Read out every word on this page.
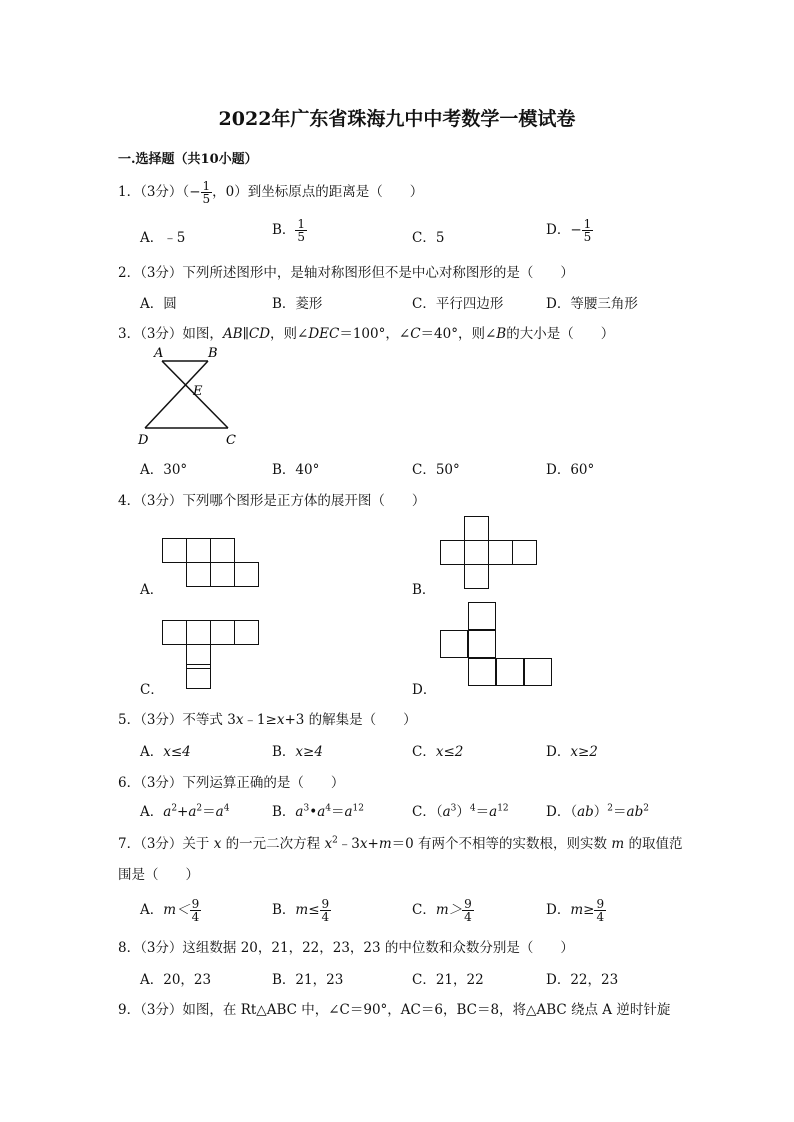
2022年广东省珠海九中中考数学一模试卷
一.选择题（共10小题）
1．（3分）（− $\frac{1}{5}$ ，0）到坐标原点的距离是（　　）
A．﹣5	B． $\frac{1}{5}$	C．5	D．− $\frac{1}{5}$
2．（3分）下列所述图形中，是轴对称图形但不是中心对称图形的是（　　）
A．圆	B．菱形	C．平行四边形	D．等腰三角形
3．（3分）如图，AB∥CD，则∠DEC＝100°，∠C＝40°，则∠B的大小是（　　）
A	B
E
D	C
A．30°	B．40°	C．50°	D．60°
4．（3分）下列哪个图形是正方体的展开图（　　）
A．	B．
C．	D．
5．（3分）不等式 3x﹣1≥x+3 的解集是（　　）
A．x≤4	B．x≥4	C．x≤2	D．x≥2
6．（3分）下列运算正确的是（　　）
A．$a^2+a^2=a^4$	B．$a^3•a^4=a^{12}$	C．$(a^3)^4=a^{12}$	D．$(ab)^2=ab^2$
7．（3分）关于 x 的一元二次方程 $x^2﹣3x+m=0$ 有两个不相等的实数根，则实数 m 的取值范
围是（　　）
A．$m< \frac{9}{4}$	B．$m\le \frac{9}{4}$	C．$m> \frac{9}{4}$	D．$m\ge \frac{9}{4}$
8．（3分）这组数据 20，21，22，23，23 的中位数和众数分别是（　　）
A．20，23	B．21，23	C．21，22	D．22，23
9．（3分）如图，在 Rt△ABC 中，∠C＝90°，AC＝6，BC＝8，将△ABC 绕点 A 逆时针旋
